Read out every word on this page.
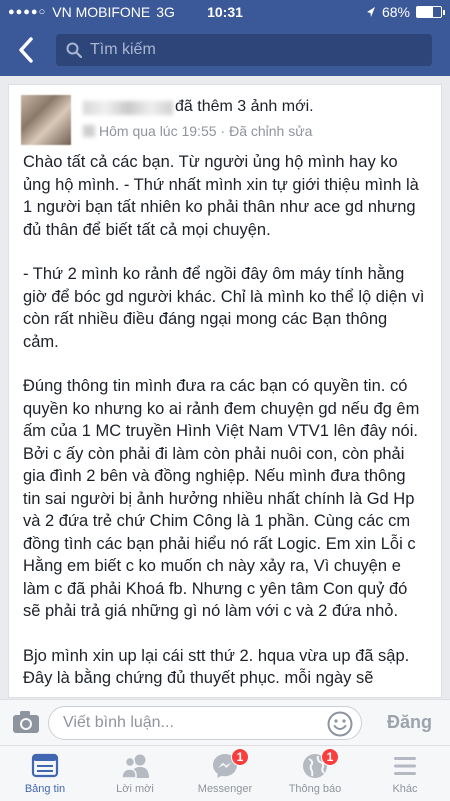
●●●●○ VN MOBIFONE 3G	10:31	68%
Tìm kiếm
đã thêm 3 ảnh mới.
Hôm qua lúc 19:55 · Đã chỉnh sửa

Chào tất cả các bạn. Từ người ủng hộ mình hay ko ủng hộ mình. - Thứ nhất mình xin tự giới thiệu mình là 1 người bạn tất nhiên ko phải thân như ace gd nhưng đủ thân để biết tất cả mọi chuyện.

- Thứ 2 mình ko rảnh để ngồi đây ôm máy tính hằng giờ để bóc gd người khác. Chỉ là mình ko thể lộ diện vì còn rất nhiều điều đáng ngại mong các Bạn thông cảm.

Đúng thông tin mình đưa ra các bạn có quyền tin. có quyền ko nhưng ko ai rảnh đem chuyện gd nếu đg êm ấm của 1 MC truyền Hình Việt Nam VTV1 lên đây nói. Bởi c ấy còn phải đi làm còn phải nuôi con, còn phải gia đình 2 bên và đồng nghiệp. Nếu mình đưa thông tin sai người bị ảnh hưởng nhiều nhất chính là Gd Hp và 2 đứa trẻ chứ Chim Công là 1 phần. Cùng các cm đồng tình các bạn phải hiểu nó rất Logic. Em xin Lỗi c Hằng em biết c ko muốn ch này xảy ra, Vì chuyện e làm c đã phải Khoá fb. Nhưng c yên tâm Con quỷ đó sẽ phải trả giá những gì nó làm với c và 2 đứa nhỏ.

Bjo mình xin up lại cái stt thứ 2. hqua vừa up đã sập. Đây là bằng chứng đủ thuyết phục. mỗi ngày sẽ

Viết bình luận...	Đăng
Bảng tin	Lời mời
1
Messenger
1
Thông báo	Khác
